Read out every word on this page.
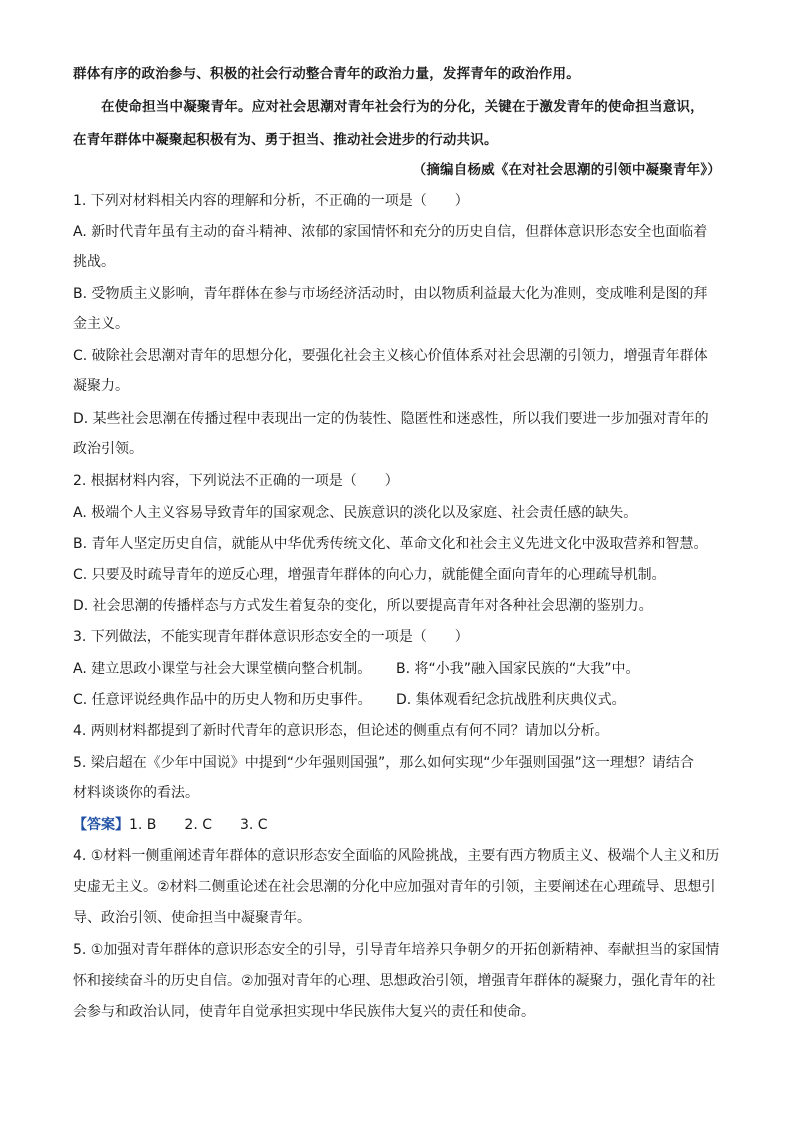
群体有序的政治参与、积极的社会行动整合青年的政治力量，发挥青年的政治作用。
在使命担当中凝聚青年。应对社会思潮对青年社会行为的分化，关键在于激发青年的使命担当意识，
在青年群体中凝聚起积极有为、勇于担当、推动社会进步的行动共识。
（摘编自杨威《在对社会思潮的引领中凝聚青年》）
1. 下列对材料相关内容的理解和分析，不正确的一项是（　　）
A. 新时代青年虽有主动的奋斗精神、浓郁的家国情怀和充分的历史自信，但群体意识形态安全也面临着
挑战。
B. 受物质主义影响，青年群体在参与市场经济活动时，由以物质利益最大化为准则，变成唯利是图的拜
金主义。
C. 破除社会思潮对青年的思想分化，要强化社会主义核心价值体系对社会思潮的引领力，增强青年群体
凝聚力。
D. 某些社会思潮在传播过程中表现出一定的伪装性、隐匿性和迷惑性，所以我们要进一步加强对青年的
政治引领。
2. 根据材料内容，下列说法不正确的一项是（　　）
A. 极端个人主义容易导致青年的国家观念、民族意识的淡化以及家庭、社会责任感的缺失。
B. 青年人坚定历史自信，就能从中华优秀传统文化、革命文化和社会主义先进文化中汲取营养和智慧。
C. 只要及时疏导青年的逆反心理，增强青年群体的向心力，就能健全面向青年的心理疏导机制。
D. 社会思潮的传播样态与方式发生着复杂的变化，所以要提高青年对各种社会思潮的鉴别力。
3. 下列做法，不能实现青年群体意识形态安全的一项是（　　）
A. 建立思政小课堂与社会大课堂横向整合机制。	B. 将“小我”融入国家民族的“大我”中。
C. 任意评说经典作品中的历史人物和历史事件。	D. 集体观看纪念抗战胜利庆典仪式。
4. 两则材料都提到了新时代青年的意识形态，但论述的侧重点有何不同？请加以分析。
5. 梁启超在《少年中国说》中提到“少年强则国强”，那么如何实现“少年强则国强”这一理想？请结合
材料谈谈你的看法。
【答案】1. B　　2. C　　3. C
4. ①材料一侧重阐述青年群体的意识形态安全面临的风险挑战，主要有西方物质主义、极端个人主义和历
史虚无主义。②材料二侧重论述在社会思潮的分化中应加强对青年的引领，主要阐述在心理疏导、思想引
导、政治引领、使命担当中凝聚青年。
5. ①加强对青年群体的意识形态安全的引导，引导青年培养只争朝夕的开拓创新精神、奉献担当的家国情
怀和接续奋斗的历史自信。②加强对青年的心理、思想政治引领，增强青年群体的凝聚力，强化青年的社
会参与和政治认同，使青年自觉承担实现中华民族伟大复兴的责任和使命。
